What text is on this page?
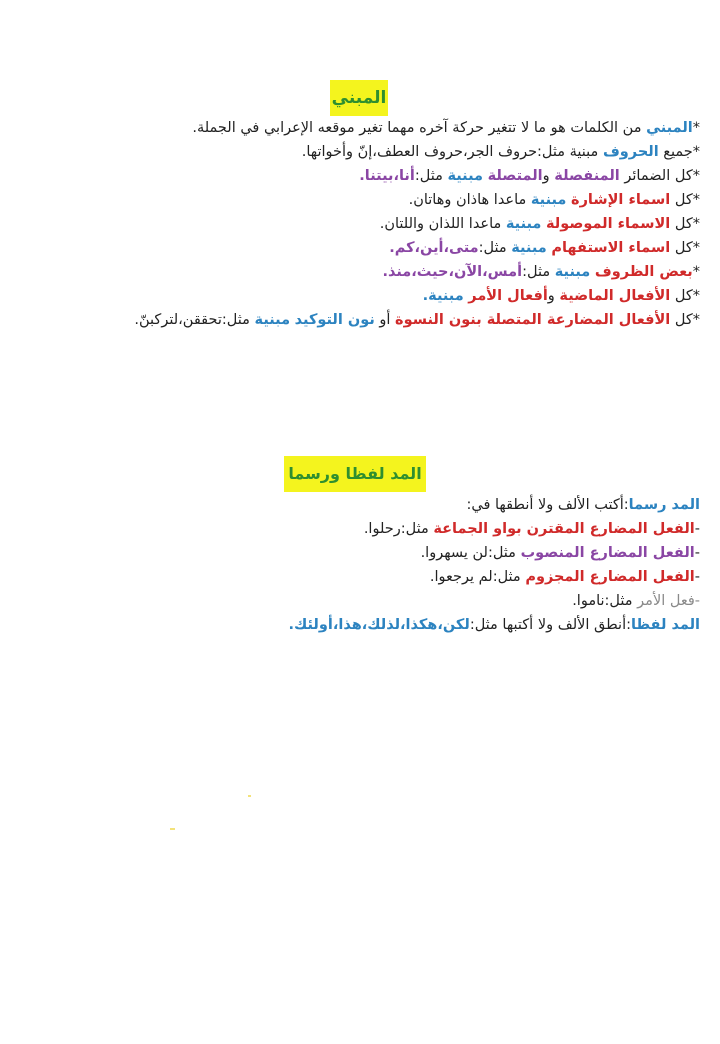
المبني
*المبني من الكلمات هو ما لا تتغير حركة آخره مهما تغير موقعه الإعرابي في الجملة.
*جميع الحروف مبنية مثل:حروف الجر،حروف العطف،إنّ وأخواتها.
*كل الضمائر المنفصلة والمتصلة مبنية مثل:أنا،بيتنا.
*كل اسماء الإشارة مبنية ماعدا هاذان وهاتان.
*كل الاسماء الموصولة مبنية ماعدا اللذان واللتان.
*كل اسماء الاستفهام مبنية مثل:متى،أين،كم.
*بعض الظروف مبنية مثل:أمس،الآن،حيث،منذ.
*كل الأفعال الماضية وأفعال الأمر مبنية.
*كل الأفعال المضارعة المتصلة بنون النسوة أو نون التوكيد مبنية مثل:تحققن،لتركبنّ.
المد لفظا ورسما
المد رسما:أكتب الألف ولا أنطقها في:
-الفعل المضارع المقترن بواو الجماعة مثل:رحلوا.
-الفعل المضارع المنصوب مثل:لن يسهروا.
-الفعل المضارع المجزوم مثل:لم يرجعوا.
-فعل الأمر مثل:ناموا.
المد لفظا:أنطق الألف ولا أكتبها مثل:لكن،هكذا،لذلك،هذا،أولئك.
